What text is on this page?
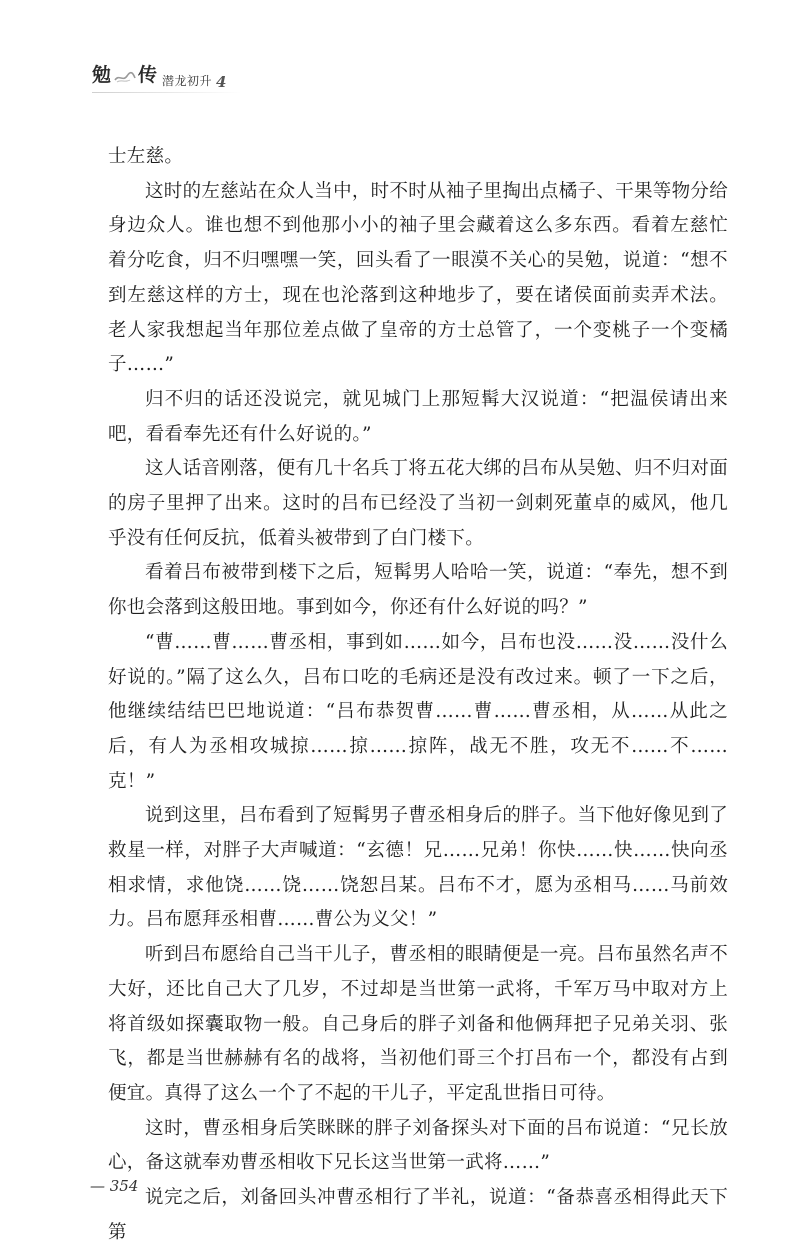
勉 传 潜龙初升 4

士左慈。

这时的左慈站在众人当中，时不时从袖子里掏出点橘子、干果等物分给身边众人。谁也想不到他那小小的袖子里会藏着这么多东西。看着左慈忙着分吃食，归不归嘿嘿一笑，回头看了一眼漠不关心的吴勉，说道：“想不到左慈这样的方士，现在也沦落到这种地步了，要在诸侯面前卖弄术法。老人家我想起当年那位差点做了皇帝的方士总管了，一个变桃子一个变橘子……”

归不归的话还没说完，就见城门上那短髯大汉说道：“把温侯请出来吧，看看奉先还有什么好说的。”

这人话音刚落，便有几十名兵丁将五花大绑的吕布从吴勉、归不归对面的房子里押了出来。这时的吕布已经没了当初一剑刺死董卓的威风，他几乎没有任何反抗，低着头被带到了白门楼下。

看着吕布被带到楼下之后，短髯男人哈哈一笑，说道：“奉先，想不到你也会落到这般田地。事到如今，你还有什么好说的吗？”

“曹……曹……曹丞相，事到如……如今，吕布也没……没……没什么好说的。”隔了这么久，吕布口吃的毛病还是没有改过来。顿了一下之后，他继续结结巴巴地说道：“吕布恭贺曹……曹……曹丞相，从……从此之后，有人为丞相攻城掠……掠……掠阵，战无不胜，攻无不……不……克！”

说到这里，吕布看到了短髯男子曹丞相身后的胖子。当下他好像见到了救星一样，对胖子大声喊道：“玄德！兄……兄弟！你快……快……快向丞相求情，求他饶……饶……饶恕吕某。吕布不才，愿为丞相马……马前效力。吕布愿拜丞相曹……曹公为义父！”

听到吕布愿给自己当干儿子，曹丞相的眼睛便是一亮。吕布虽然名声不大好，还比自己大了几岁，不过却是当世第一武将，千军万马中取对方上将首级如探囊取物一般。自己身后的胖子刘备和他俩拜把子兄弟关羽、张飞，都是当世赫赫有名的战将，当初他们哥三个打吕布一个，都没有占到便宜。真得了这么一个了不起的干儿子，平定乱世指日可待。

这时，曹丞相身后笑眯眯的胖子刘备探头对下面的吕布说道：“兄长放心，备这就奉劝曹丞相收下兄长这当世第一武将……”

说完之后，刘备回头冲曹丞相行了半礼，说道：“备恭喜丞相得此天下第

— 354
